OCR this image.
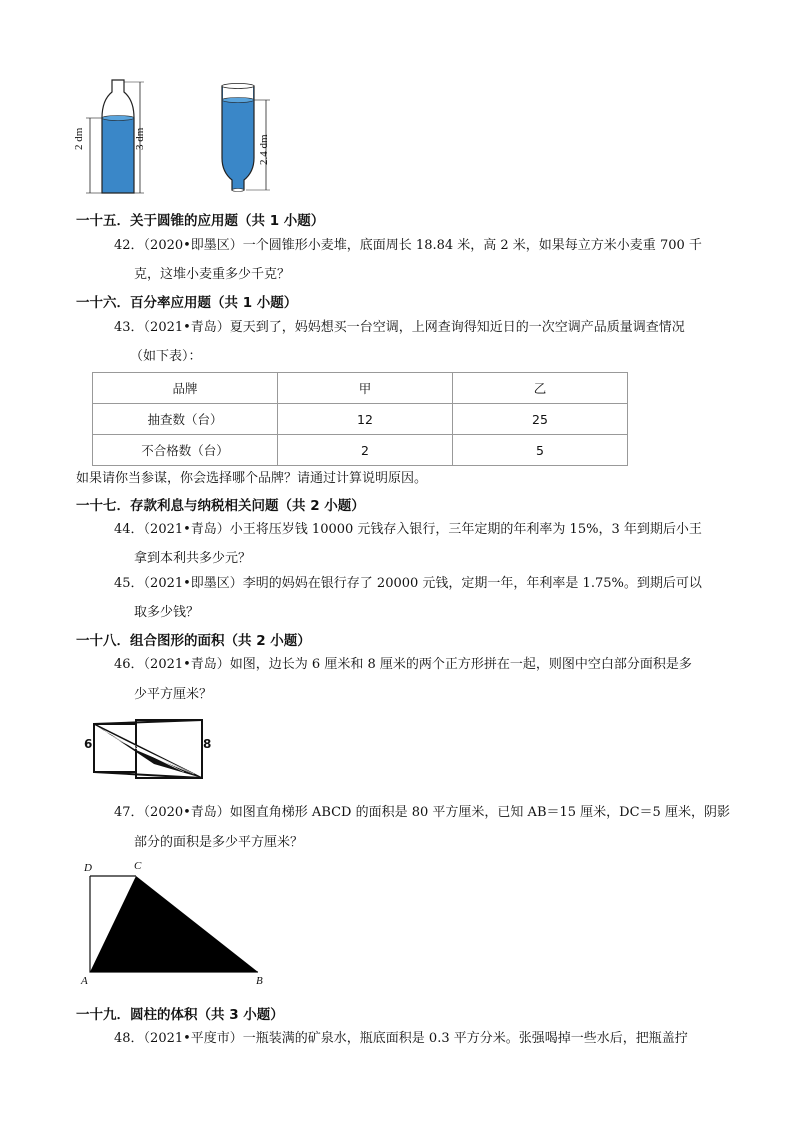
2 dm	3 dm	2.4 dm
一十五．关于圆锥的应用题（共 1 小题）
42．（2020•即墨区）一个圆锥形小麦堆，底面周长 18.84 米，高 2 米，如果每立方米小麦重 700 千
克，这堆小麦重多少千克？
一十六．百分率应用题（共 1 小题）
43．（2021•青岛）夏天到了，妈妈想买一台空调，上网查询得知近日的一次空调产品质量调查情况
（如下表）：
品牌	甲	乙
抽查数（台）	12	25
不合格数（台）	2	5
如果请你当参谋，你会选择哪个品牌？请通过计算说明原因。
一十七．存款利息与纳税相关问题（共 2 小题）
44．（2021•青岛）小王将压岁钱 10000 元钱存入银行，三年定期的年利率为 15%，3 年到期后小王
拿到本利共多少元？
45．（2021•即墨区）李明的妈妈在银行存了 20000 元钱，定期一年，年利率是 1.75%。到期后可以
取多少钱？
一十八．组合图形的面积（共 2 小题）
46．（2021•青岛）如图，边长为 6 厘米和 8 厘米的两个正方形拼在一起，则图中空白部分面积是多
少平方厘米？
6	8
47．（2020•青岛）如图直角梯形 ABCD 的面积是 80 平方厘米，已知 AB＝15 厘米，DC＝5 厘米，阴影
部分的面积是多少平方厘米？
D	C
A	B
一十九．圆柱的体积（共 3 小题）
48．（2021•平度市）一瓶装满的矿泉水，瓶底面积是 0.3 平方分米。张强喝掉一些水后，把瓶盖拧
